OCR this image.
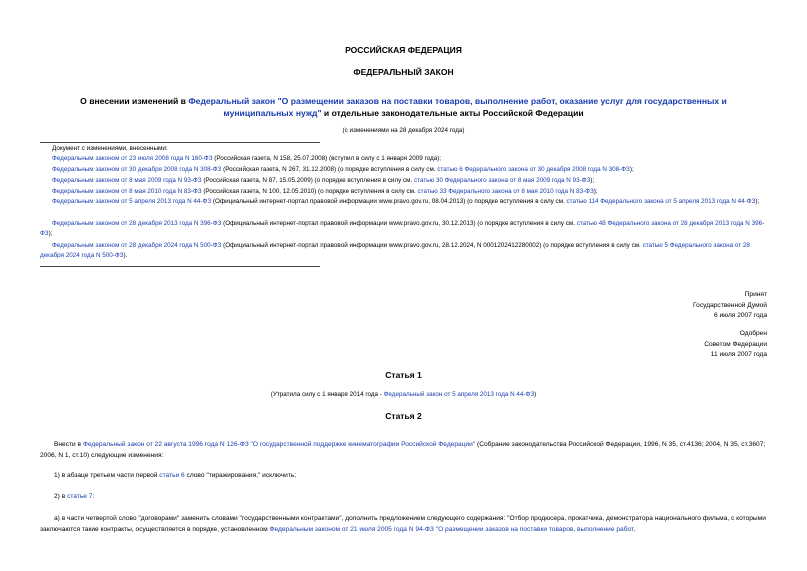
РОССИЙСКАЯ ФЕДЕРАЦИЯ
ФЕДЕРАЛЬНЫЙ ЗАКОН
О внесении изменений в Федеральный закон "О размещении заказов на поставки товаров, выполнение работ, оказание услуг для государственных и муниципальных нужд" и отдельные законодательные акты Российской Федерации
(с изменениями на 28 декабря 2024 года)
Документ с изменениями, внесенными:
Федеральным законом от 23 июля 2008 года N 160-ФЗ (Российская газета, N 158, 25.07.2008) (вступил в силу с 1 января 2009 года);
Федеральным законом от 30 декабря 2008 года N 308-ФЗ (Российская газета, N 267, 31.12.2008) (о порядке вступления в силу см. статью 6 Федерального закона от 30 декабря 2008 года N 308-ФЗ);
Федеральным законом от 8 мая 2009 года N 93-ФЗ (Российская газета, N 87, 15.05.2009) (о порядке вступления в силу см. статью 30 Федерального закона от 8 мая 2009 года N 93-ФЗ);
Федеральным законом от 8 мая 2010 года N 83-ФЗ (Российская газета, N 100, 12.05.2010) (о порядке вступления в силу см. статью 33 Федерального закона от 8 мая 2010 года N 83-ФЗ);
Федеральным законом от 5 апреля 2013 года N 44-ФЗ (Официальный интернет-портал правовой информации www.pravo.gov.ru, 08.04.2013) (о порядке вступления в силу см. статью 114 Федерального закона от 5 апреля 2013 года N 44-ФЗ);
Федеральным законом от 28 декабря 2013 года N 396-ФЗ (Официальный интернет-портал правовой информации www.pravo.gov.ru, 30.12.2013) (о порядке вступления в силу см. статью 48 Федерального закона от 28 декабря 2013 года N 396-ФЗ);
Федеральным законом от 28 декабря 2024 года N 500-ФЗ (Официальный интернет-портал правовой информации www.pravo.gov.ru, 28.12.2024, N 0001202412280002) (о порядке вступления в силу см. статью 5 Федерального закона от 28 декабря 2024 года N 500-ФЗ).
Принят
Государственной Думой
6 июля 2007 года
Одобрен
Советом Федерации
11 июля 2007 года
Статья 1
(Утратила силу с 1 января 2014 года - Федеральный закон от 5 апреля 2013 года N 44-ФЗ)
Статья 2
Внести в Федеральный закон от 22 августа 1996 года N 126-ФЗ "О государственной поддержке кинематографии Российской Федерации" (Собрание законодательства Российской Федерации, 1996, N 35, ст.4136; 2004, N 35, ст.3607; 2006, N 1, ст.10) следующие изменения:
1) в абзаце третьем части первой статьи 6 слово "тиражирования," исключить;
2) в статье 7:
а) в части четвертой слово "договорами" заменить словами "государственными контрактами", дополнить предложением следующего содержания: "Отбор продюсера, прокатчика, демонстратора национального фильма, с которыми заключаются такие контракты, осуществляется в порядке, установленном Федеральным законом от 21 июля 2005 года N 94-ФЗ "О размещении заказов на поставки товаров, выполнение работ,
